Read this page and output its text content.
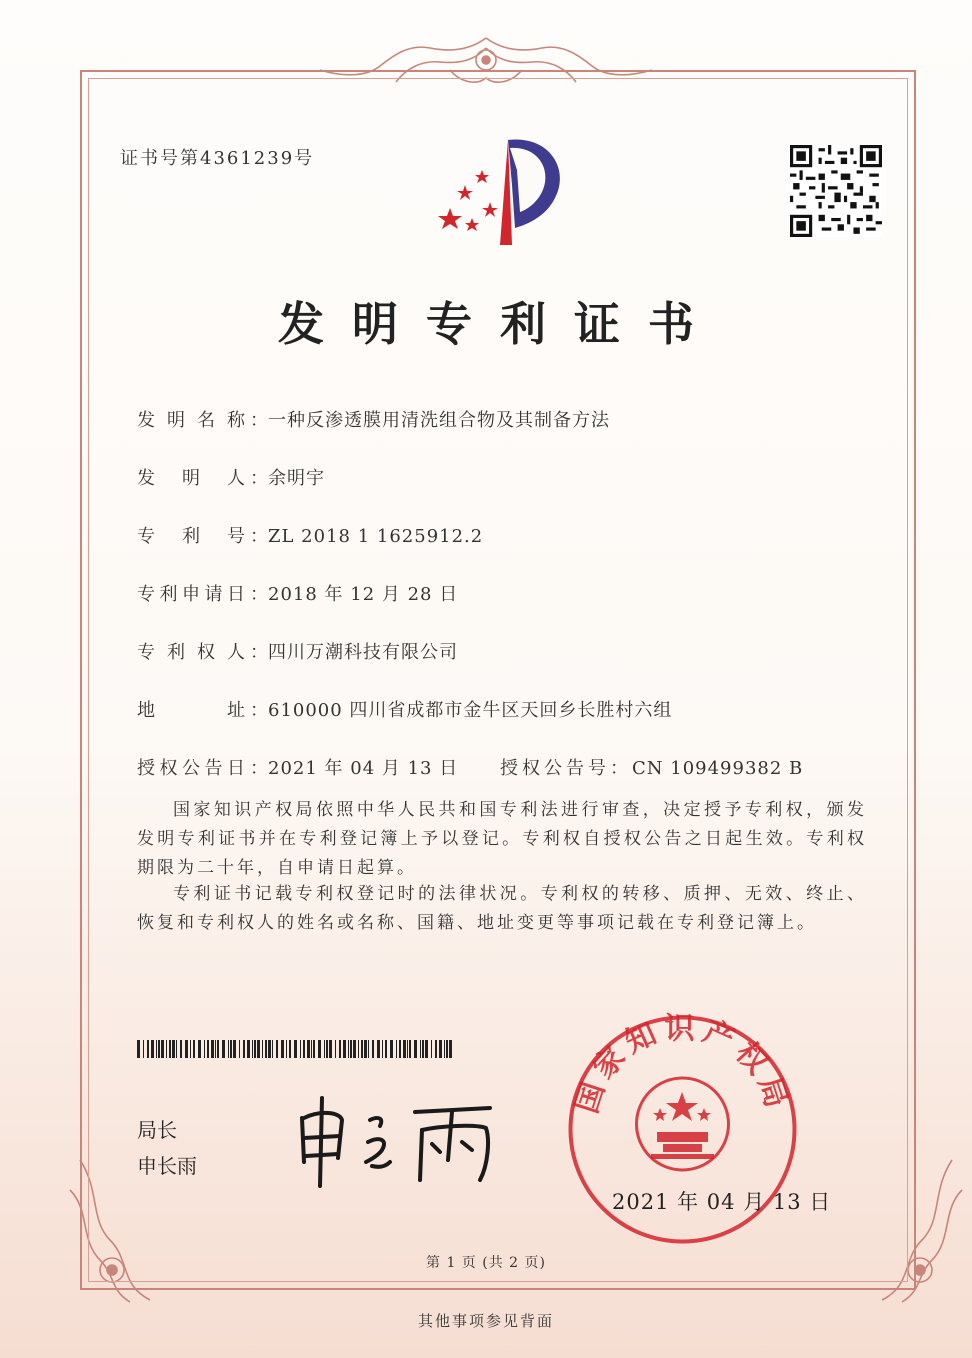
证书号第4361239号
发明专利证书
发 明 名 称 ：一种反渗透膜用清洗组合物及其制备方法
发 明 人 ：余明宇
专 利 号 ：ZL 2018 1 1625912.2
专 利 申 请 日 ：2018 年 12 月 28 日
专 利 权 人 ：四川万潮科技有限公司
地	址 ：610000 四川省成都市金牛区天回乡长胜村六组
授 权 公 告 日 ：2021 年 04 月 13 日 授权公告号：CN 109499382 B
国家知识产权局依照中华人民共和国专利法进行审查，决定授予专利权，颁发发明专利证书并在专利登记簿上予以登记。专利权自授权公告之日起生效。专利权期限为二十年，自申请日起算。
专利证书记载专利权登记时的法律状况。专利权的转移、质押、无效、终止、恢复和专利权人的姓名或名称、国籍、地址变更等事项记载在专利登记簿上。
局长
申长雨
国家知识产权局
2021 年 04 月 13 日
第 1 页 (共 2 页)
其他事项参见背面
